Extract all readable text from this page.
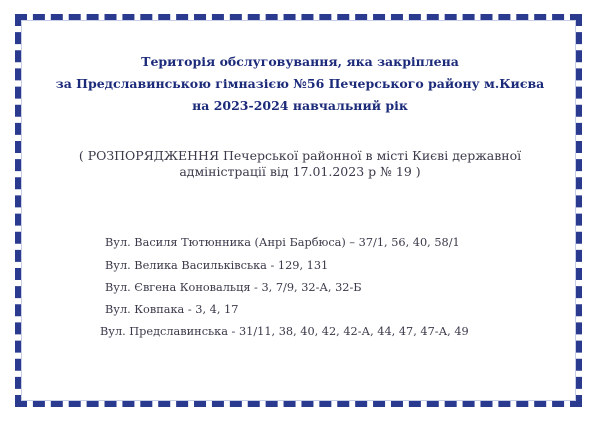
Територія обслуговування, яка закріплена
за Предславинською гімназією №56 Печерського району м.Києва
на 2023-2024 навчальний рік
( РОЗПОРЯДЖЕННЯ Печерської районної в місті Києві державної адміністрації від 17.01.2023 р № 19 )
Вул. Василя Тютюнника (Анрі Барбюса) – 37/1, 56, 40, 58/1
Вул. Велика Васильківська - 129, 131
Вул. Євгена Коновальця - 3, 7/9, 32-А, 32-Б
Вул. Ковпака - 3, 4, 17
Вул. Предславинська - 31/11, 38, 40, 42, 42-А, 44, 47, 47-А, 49
